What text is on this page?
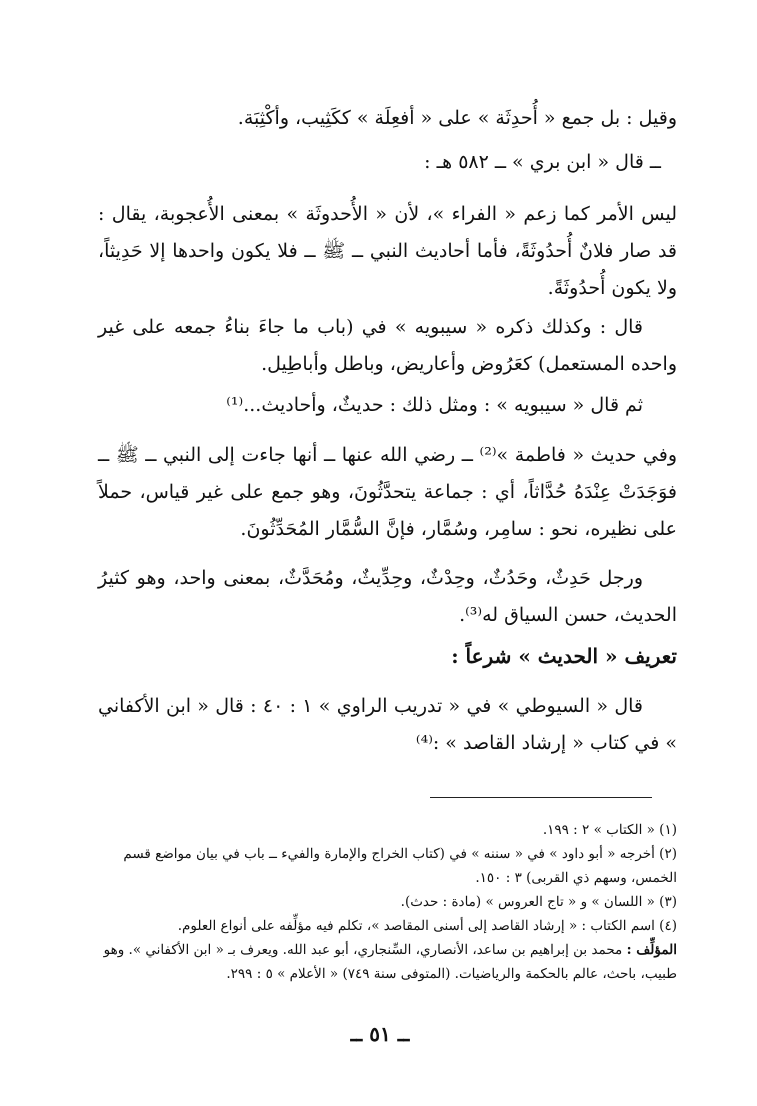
وقيل : بل جمع « أُحدِثَة » على « أفعِلَة » ككَثِيب، وأكْثِبَة.

ــ قال « ابن بري » ــ ٥٨٢ هـ :

ليس الأمر كما زعم « الفراء »، لأن « الأُحدوثَة » بمعنى الأُعجوبة، يقال : قد صار فلانٌ أُحدُوثَةً، فأما أحاديث النبي ــ ﷺ ــ فلا يكون واحدها إلا حَدِيثاً، ولا يكون أُحدُوثَةً.

قال : وكذلك ذكره « سيبويه » في (باب ما جاءَ بناءُ جمعه على غير واحده المستعمل) كعَرُوض وأعاريض، وباطل وأباطِيل.

ثم قال « سيبويه » : ومثل ذلك : حديثٌ، وأحاديث...⁽¹⁾

وفي حديث « فاطمة »⁽²⁾ ــ رضي الله عنها ــ أنها جاءت إلى النبي ــ ﷺ ــ فوَجَدَتْ عِنْدَهُ حُدَّاثاً، أي : جماعة يتحدَّثُونَ، وهو جمع على غير قياس، حملاً على نظيره، نحو : سامِر، وسُمَّار، فإنَّ السُّمَّار المُحَدِّثُونَ.

ورجل حَدِثٌ، وحَدُثٌ، وحِدْثٌ، وحِدِّيثٌ، ومُحَدَّثٌ، بمعنى واحد، وهو كثيرُ الحديث، حسن السياق له⁽³⁾.

تعريف « الحديث » شرعاً :

قال « السيوطي » في « تدريب الراوي » ١ : ٤٠ : قال « ابن الأكفاني » في كتاب « إرشاد القاصد » :⁽⁴⁾

(١) « الكتاب » ٢ : ١٩٩.

(٢) أخرجه « أبو داود » في « سننه » في (كتاب الخراج والإمارة والفيء ــ باب في بيان مواضع قسم الخمس، وسهم ذي القربى) ٣ : ١٥٠.

(٣) « اللسان » و « تاج العروس » (مادة : حدث).

(٤) اسم الكتاب : « إرشاد القاصد إلى أسنى المقاصد »، تكلم فيه مؤلِّفه على أنواع العلوم.

المؤلِّف : محمد بن إبراهيم بن ساعد، الأنصاري، السِّنجاري، أبو عبد الله. ويعرف بـ « ابن الأكفاني ». وهو طبيب، باحث، عالم بالحكمة والرياضيات. (المتوفى سنة ٧٤٩) « الأعلام » ٥ : ٢٩٩.

ــ ٥١ ــ
